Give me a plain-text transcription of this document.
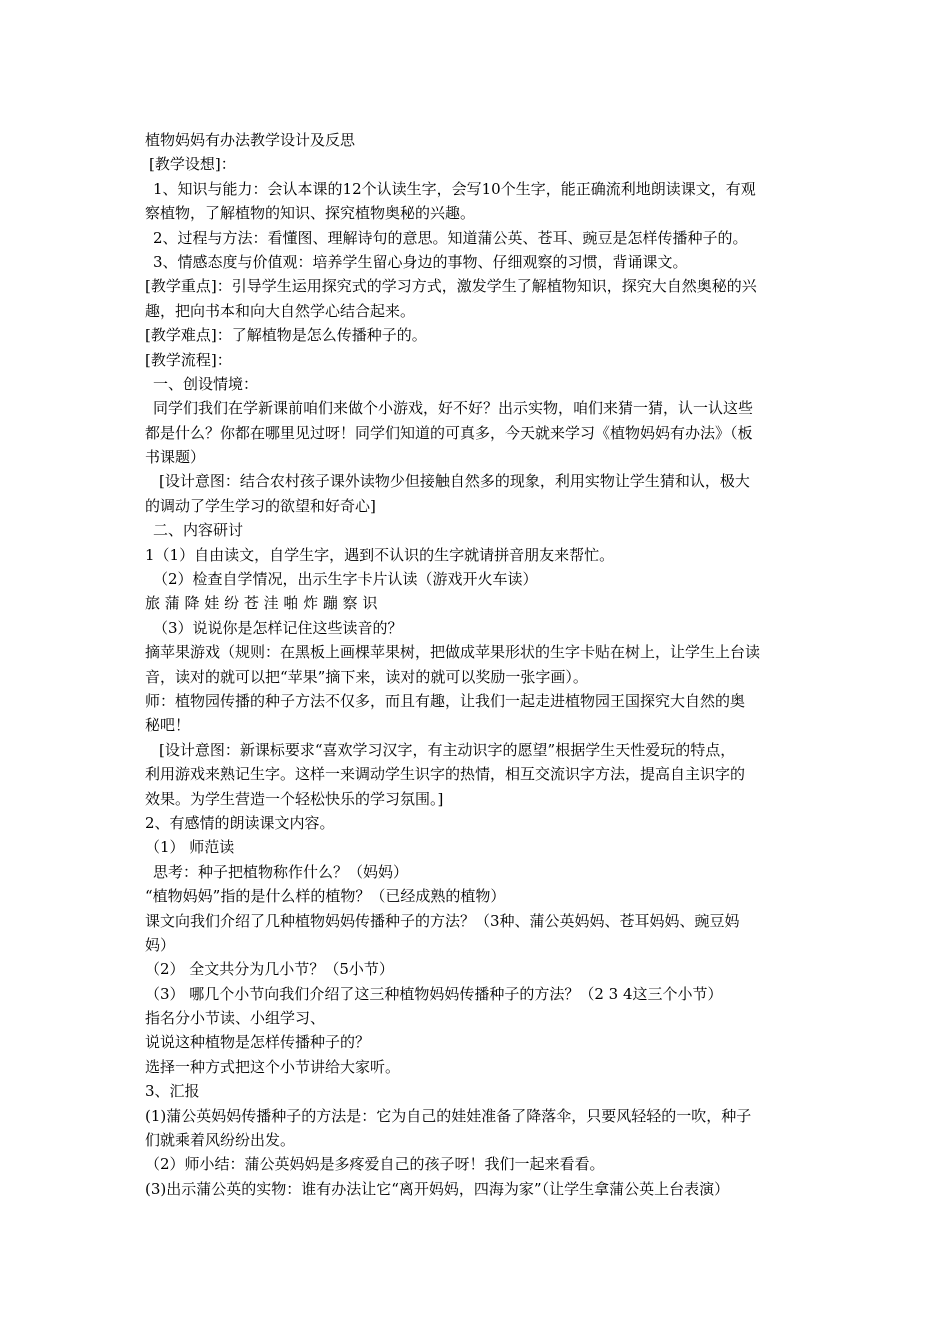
植物妈妈有办法教学设计及反思
[教学设想]：
1、知识与能力：会认本课的12个认读生字，会写10个生字，能正确流利地朗读课文，有观
察植物，了解植物的知识、探究植物奥秘的兴趣。
2、过程与方法：看懂图、理解诗句的意思。知道蒲公英、苍耳、豌豆是怎样传播种子的。
3、情感态度与价值观：培养学生留心身边的事物、仔细观察的习惯，背诵课文。
[教学重点]：引导学生运用探究式的学习方式，激发学生了解植物知识，探究大自然奥秘的兴
趣，把向书本和向大自然学心结合起来。
[教学难点]：了解植物是怎么传播种子的。
[教学流程]：
一、创设情境：
同学们我们在学新课前咱们来做个小游戏，好不好？出示实物，咱们来猜一猜，认一认这些
都是什么？你都在哪里见过呀！同学们知道的可真多，今天就来学习《植物妈妈有办法》（板
书课题）
[设计意图：结合农村孩子课外读物少但接触自然多的现象，利用实物让学生猜和认，极大
的调动了学生学习的欲望和好奇心]
二、内容研讨
1（1）自由读文，自学生字，遇到不认识的生字就请拼音朋友来帮忙。
（2）检查自学情况，出示生字卡片认读（游戏开火车读）
旅 蒲 降 娃 纷 苍 洼 啪 炸 蹦 察 识
（3）说说你是怎样记住这些读音的？
摘苹果游戏（规则：在黑板上画棵苹果树，把做成苹果形状的生字卡贴在树上，让学生上台读
音，读对的就可以把“苹果”摘下来，读对的就可以奖励一张字画）。
师：植物园传播的种子方法不仅多，而且有趣，让我们一起走进植物园王国探究大自然的奥
秘吧！
[设计意图：新课标要求“喜欢学习汉字，有主动识字的愿望”根据学生天性爱玩的特点，
利用游戏来熟记生字。这样一来调动学生识字的热情，相互交流识字方法，提高自主识字的
效果。为学生营造一个轻松快乐的学习氛围。]
2、有感情的朗读课文内容。
（1） 师范读
思考：种子把植物称作什么？（妈妈）
“植物妈妈”指的是什么样的植物？（已经成熟的植物）
课文向我们介绍了几种植物妈妈传播种子的方法？（3种、蒲公英妈妈、苍耳妈妈、豌豆妈
妈）
（2） 全文共分为几小节？（5小节）
（3） 哪几个小节向我们介绍了这三种植物妈妈传播种子的方法？（2 3 4这三个小节）
指名分小节读、小组学习、
说说这种植物是怎样传播种子的？
选择一种方式把这个小节讲给大家听。
3、汇报
(1)蒲公英妈妈传播种子的方法是：它为自己的娃娃准备了降落伞，只要风轻轻的一吹，种子
们就乘着风纷纷出发。
（2）师小结：蒲公英妈妈是多疼爱自己的孩子呀！我们一起来看看。
(3)出示蒲公英的实物：谁有办法让它“离开妈妈，四海为家”（让学生拿蒲公英上台表演）
